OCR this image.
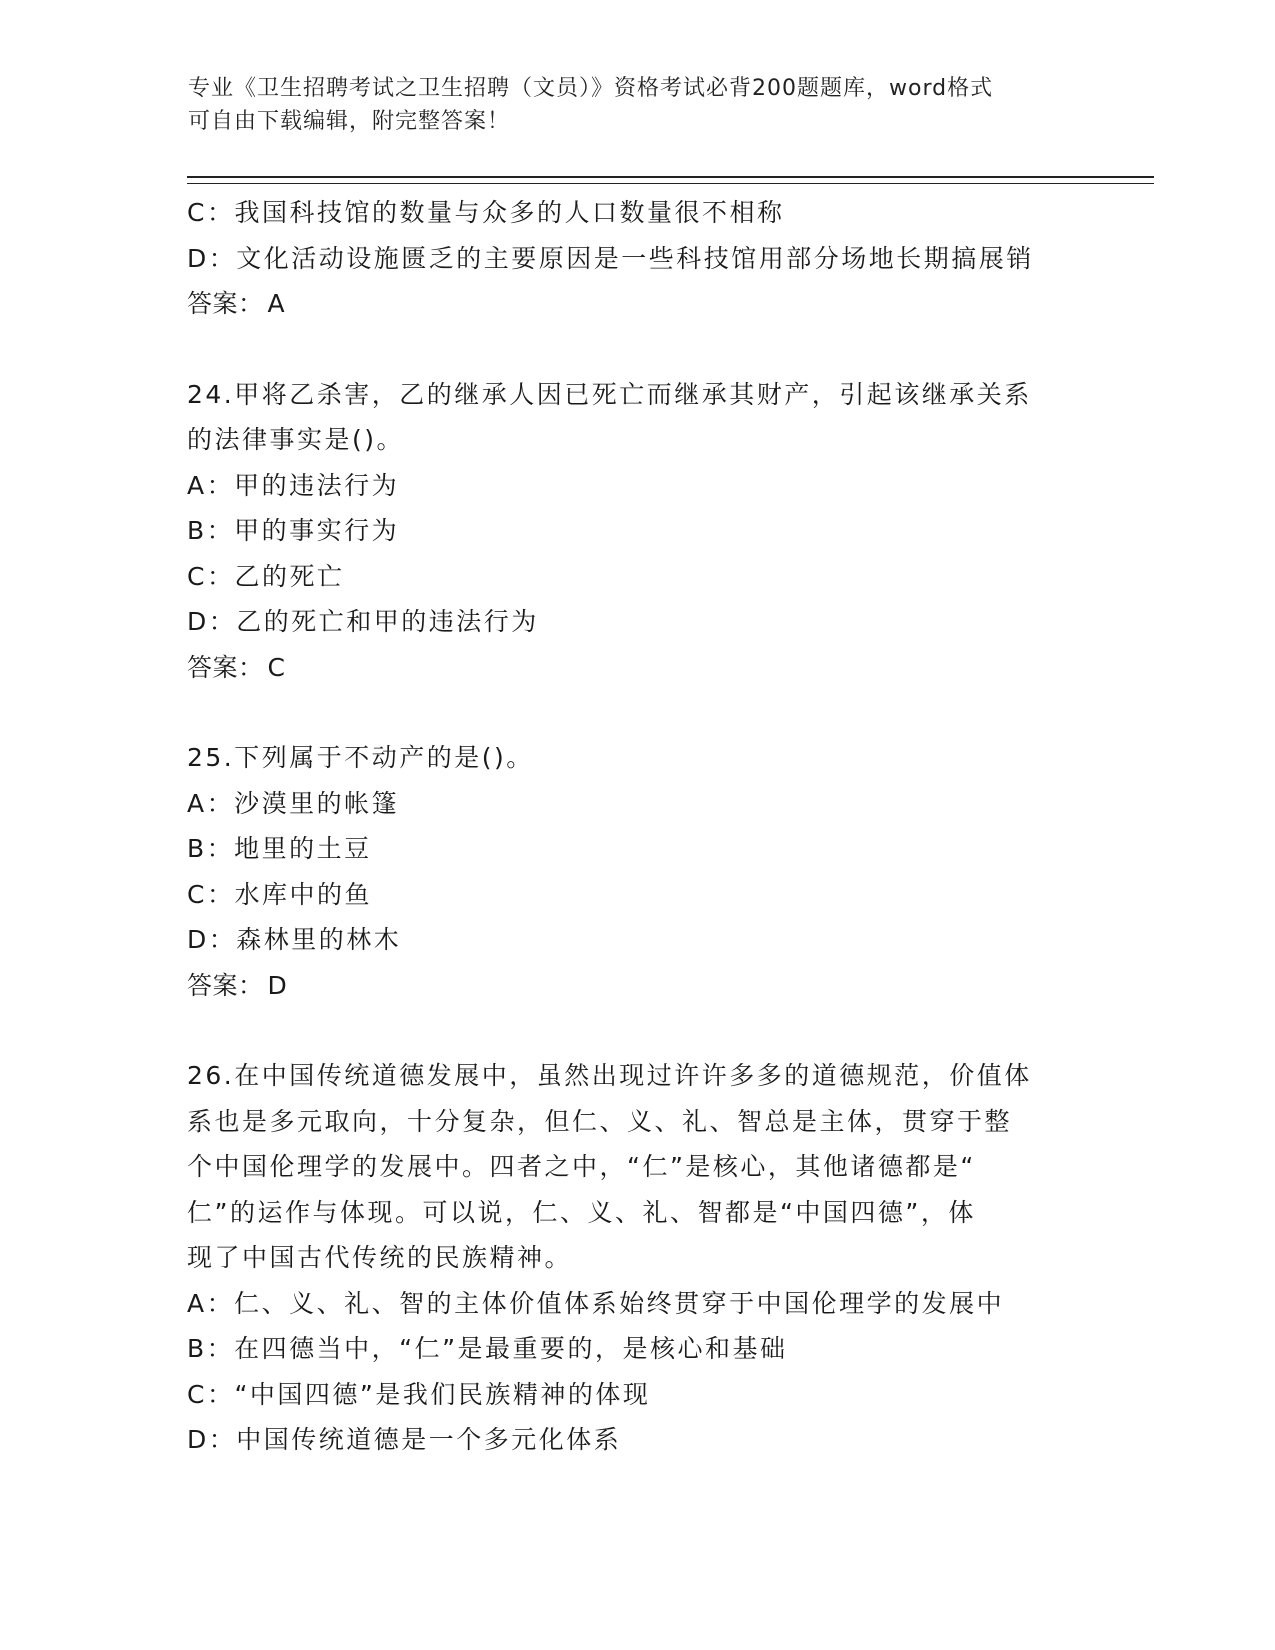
专业《卫生招聘考试之卫生招聘（文员）》资格考试必背200题题库，word格式
可自由下载编辑，附完整答案！

C：我国科技馆的数量与众多的人口数量很不相称

D：文化活动设施匮乏的主要原因是一些科技馆用部分场地长期搞展销

答案： A

24.甲将乙杀害，乙的继承人因已死亡而继承其财产，引起该继承关系

的法律事实是()。

A：甲的违法行为

B：甲的事实行为

C：乙的死亡

D：乙的死亡和甲的违法行为

答案： C

25.下列属于不动产的是()。

A：沙漠里的帐篷

B：地里的土豆

C：水库中的鱼

D：森林里的林木

答案： D

26.在中国传统道德发展中，虽然出现过许许多多的道德规范，价值体

系也是多元取向，十分复杂，但仁、义、礼、智总是主体，贯穿于整

个中国伦理学的发展中。四者之中，“仁”是核心，其他诸德都是“

仁”的运作与体现。可以说，仁、义、礼、智都是“中国四德”，体

现了中国古代传统的民族精神。

A：仁、义、礼、智的主体价值体系始终贯穿于中国伦理学的发展中

B：在四德当中，“仁”是最重要的，是核心和基础

C：“中国四德”是我们民族精神的体现

D：中国传统道德是一个多元化体系
